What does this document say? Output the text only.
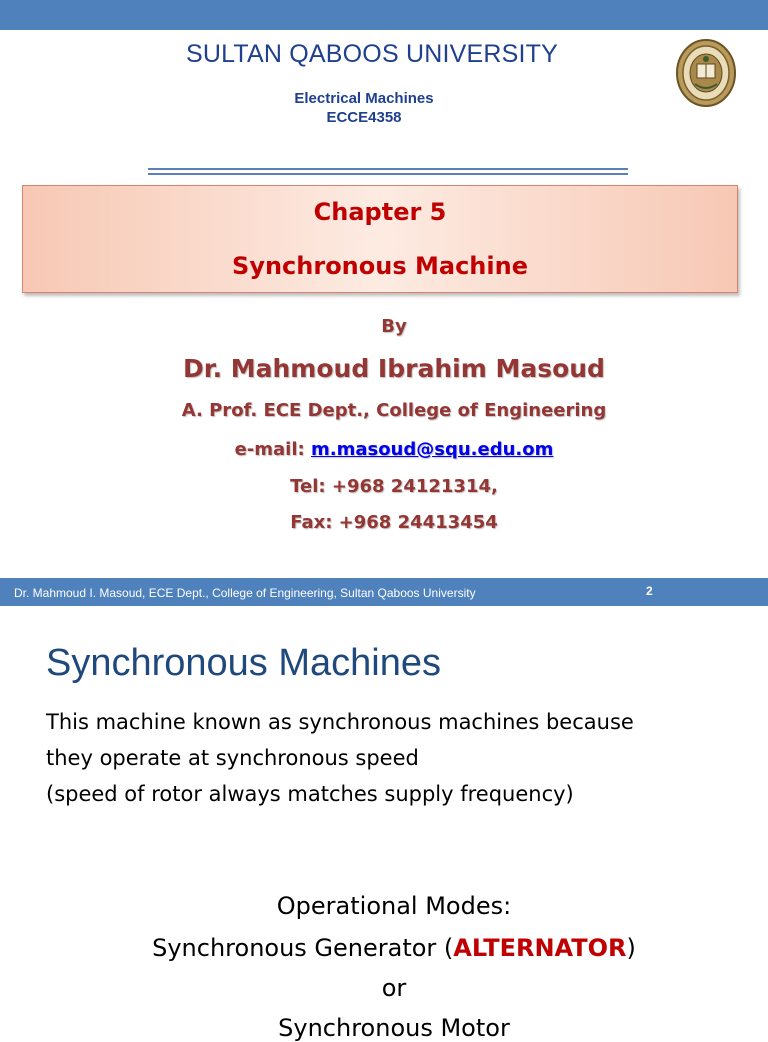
SULTAN QABOOS UNIVERSITY
Electrical Machines
ECCE4358
Chapter 5
Synchronous Machine
By
Dr. Mahmoud Ibrahim Masoud
A. Prof. ECE Dept., College of Engineering
e-mail: m.masoud@squ.edu.om
Tel: +968 24121314,
Fax: +968 24413454
Dr. Mahmoud I. Masoud, ECE Dept., College of Engineering, Sultan Qaboos University	2
Synchronous Machines
This machine known as synchronous machines because
they operate at synchronous speed
(speed of rotor always matches supply frequency)
Operational Modes:
Synchronous Generator (ALTERNATOR)
or
Synchronous Motor
